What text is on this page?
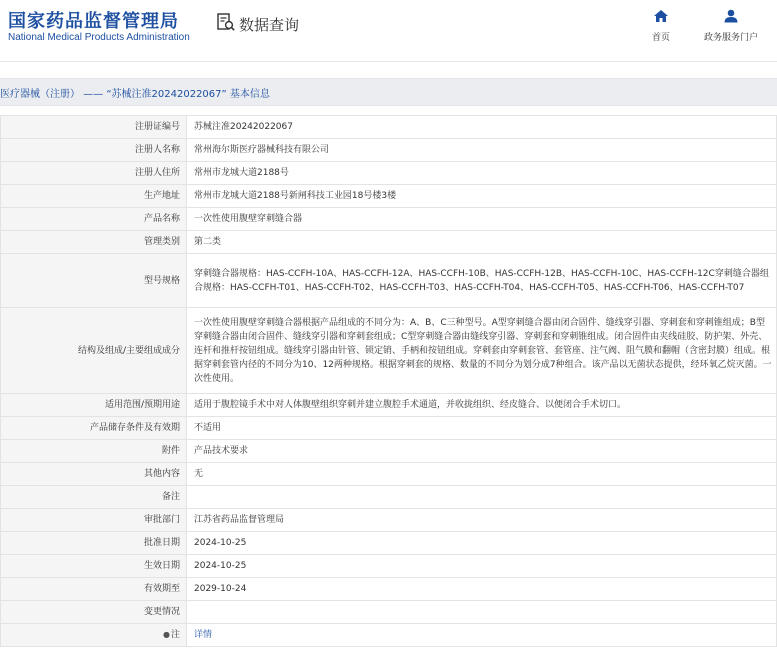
国家药品监督管理局
National Medical Products Administration
数据查询
首页	政务服务门户
医疗器械（注册） —— “苏械注准20242022067” 基本信息
注册证编号	苏械注准20242022067
注册人名称	常州海尔斯医疗器械科技有限公司
注册人住所	常州市龙城大道2188号
生产地址	常州市龙城大道2188号新闸科技工业园18号楼3楼
产品名称	一次性使用腹壁穿刺缝合器
管理类别	第二类
型号规格	穿刺缝合器规格：HAS-CCFH-10A、HAS-CCFH-12A、HAS-CCFH-10B、HAS-CCFH-12B、HAS-CCFH-10C、HAS-CCFH-12C穿刺缝合器组合规格：HAS-CCFH-T01、HAS-CCFH-T02、HAS-CCFH-T03、HAS-CCFH-T04、HAS-CCFH-T05、HAS-CCFH-T06、HAS-CCFH-T07
结构及组成/主要组成成分	一次性使用腹壁穿刺缝合器根据产品组成的不同分为：A、B、C三种型号。A型穿刺缝合器由闭合固件、缝线穿引器、穿刺套和穿刺锥组成；B型穿刺缝合器由闭合固件、缝线穿引器和穿刺套组成；C型穿刺缝合器由缝线穿引器、穿刺套和穿刺锥组成。闭合固件由夹线硅胶、防护架、外壳、连杆和推杆按钮组成。缝线穿引器由针管、锁定销、手柄和按钮组成。穿刺套由穿刺套管、套管座、注气阀、阻气膜和翻帽（含密封膜）组成。根据穿刺套管内径的不同分为10、12两种规格。根据穿刺套的规格、数量的不同分为划分成7种组合。该产品以无菌状态提供，经环氧乙烷灭菌。一次性使用。
适用范围/预期用途	适用于腹腔镜手术中对人体腹壁组织穿刺并建立腹腔手术通道，并收拢组织、经皮缝合、以便闭合手术切口。
产品储存条件及有效期	不适用
附件	产品技术要求
其他内容	无
备注	
审批部门	江苏省药品监督管理局
批准日期	2024-10-25
生效日期	2024-10-25
有效期至	2029-10-24
变更情况	
●注	详情
